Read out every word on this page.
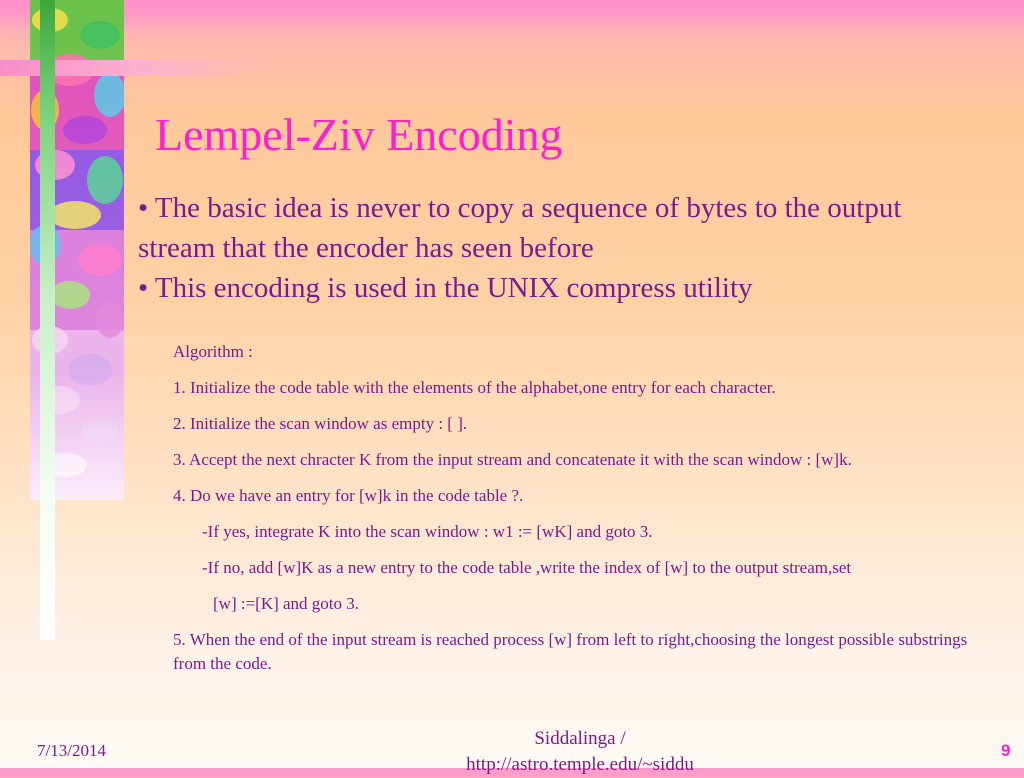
Lempel-Ziv Encoding

• The basic idea is never to copy a sequence of bytes to the output stream that the encoder has seen before

• This encoding is used in the UNIX compress utility

Algorithm :

1. Initialize the code table with the elements of the alphabet,one entry for each character.

2. Initialize the scan window as empty : [ ].

3. Accept the next chracter K from the input stream and concatenate it with the scan window : [w]k.

4. Do we have an entry for [w]k in the code table ?.

-If yes, integrate K into the scan window : w1 := [wK] and goto 3.

-If no, add [w]K as a new entry to the code table ,write the index of [w] to the output stream,set

[w] :=[K] and goto 3.

5. When the end of the input stream is reached process [w] from left to right,choosing the longest possible substrings from the code.

7/13/2014
Siddalinga /
http://astro.temple.edu/~siddu
9
